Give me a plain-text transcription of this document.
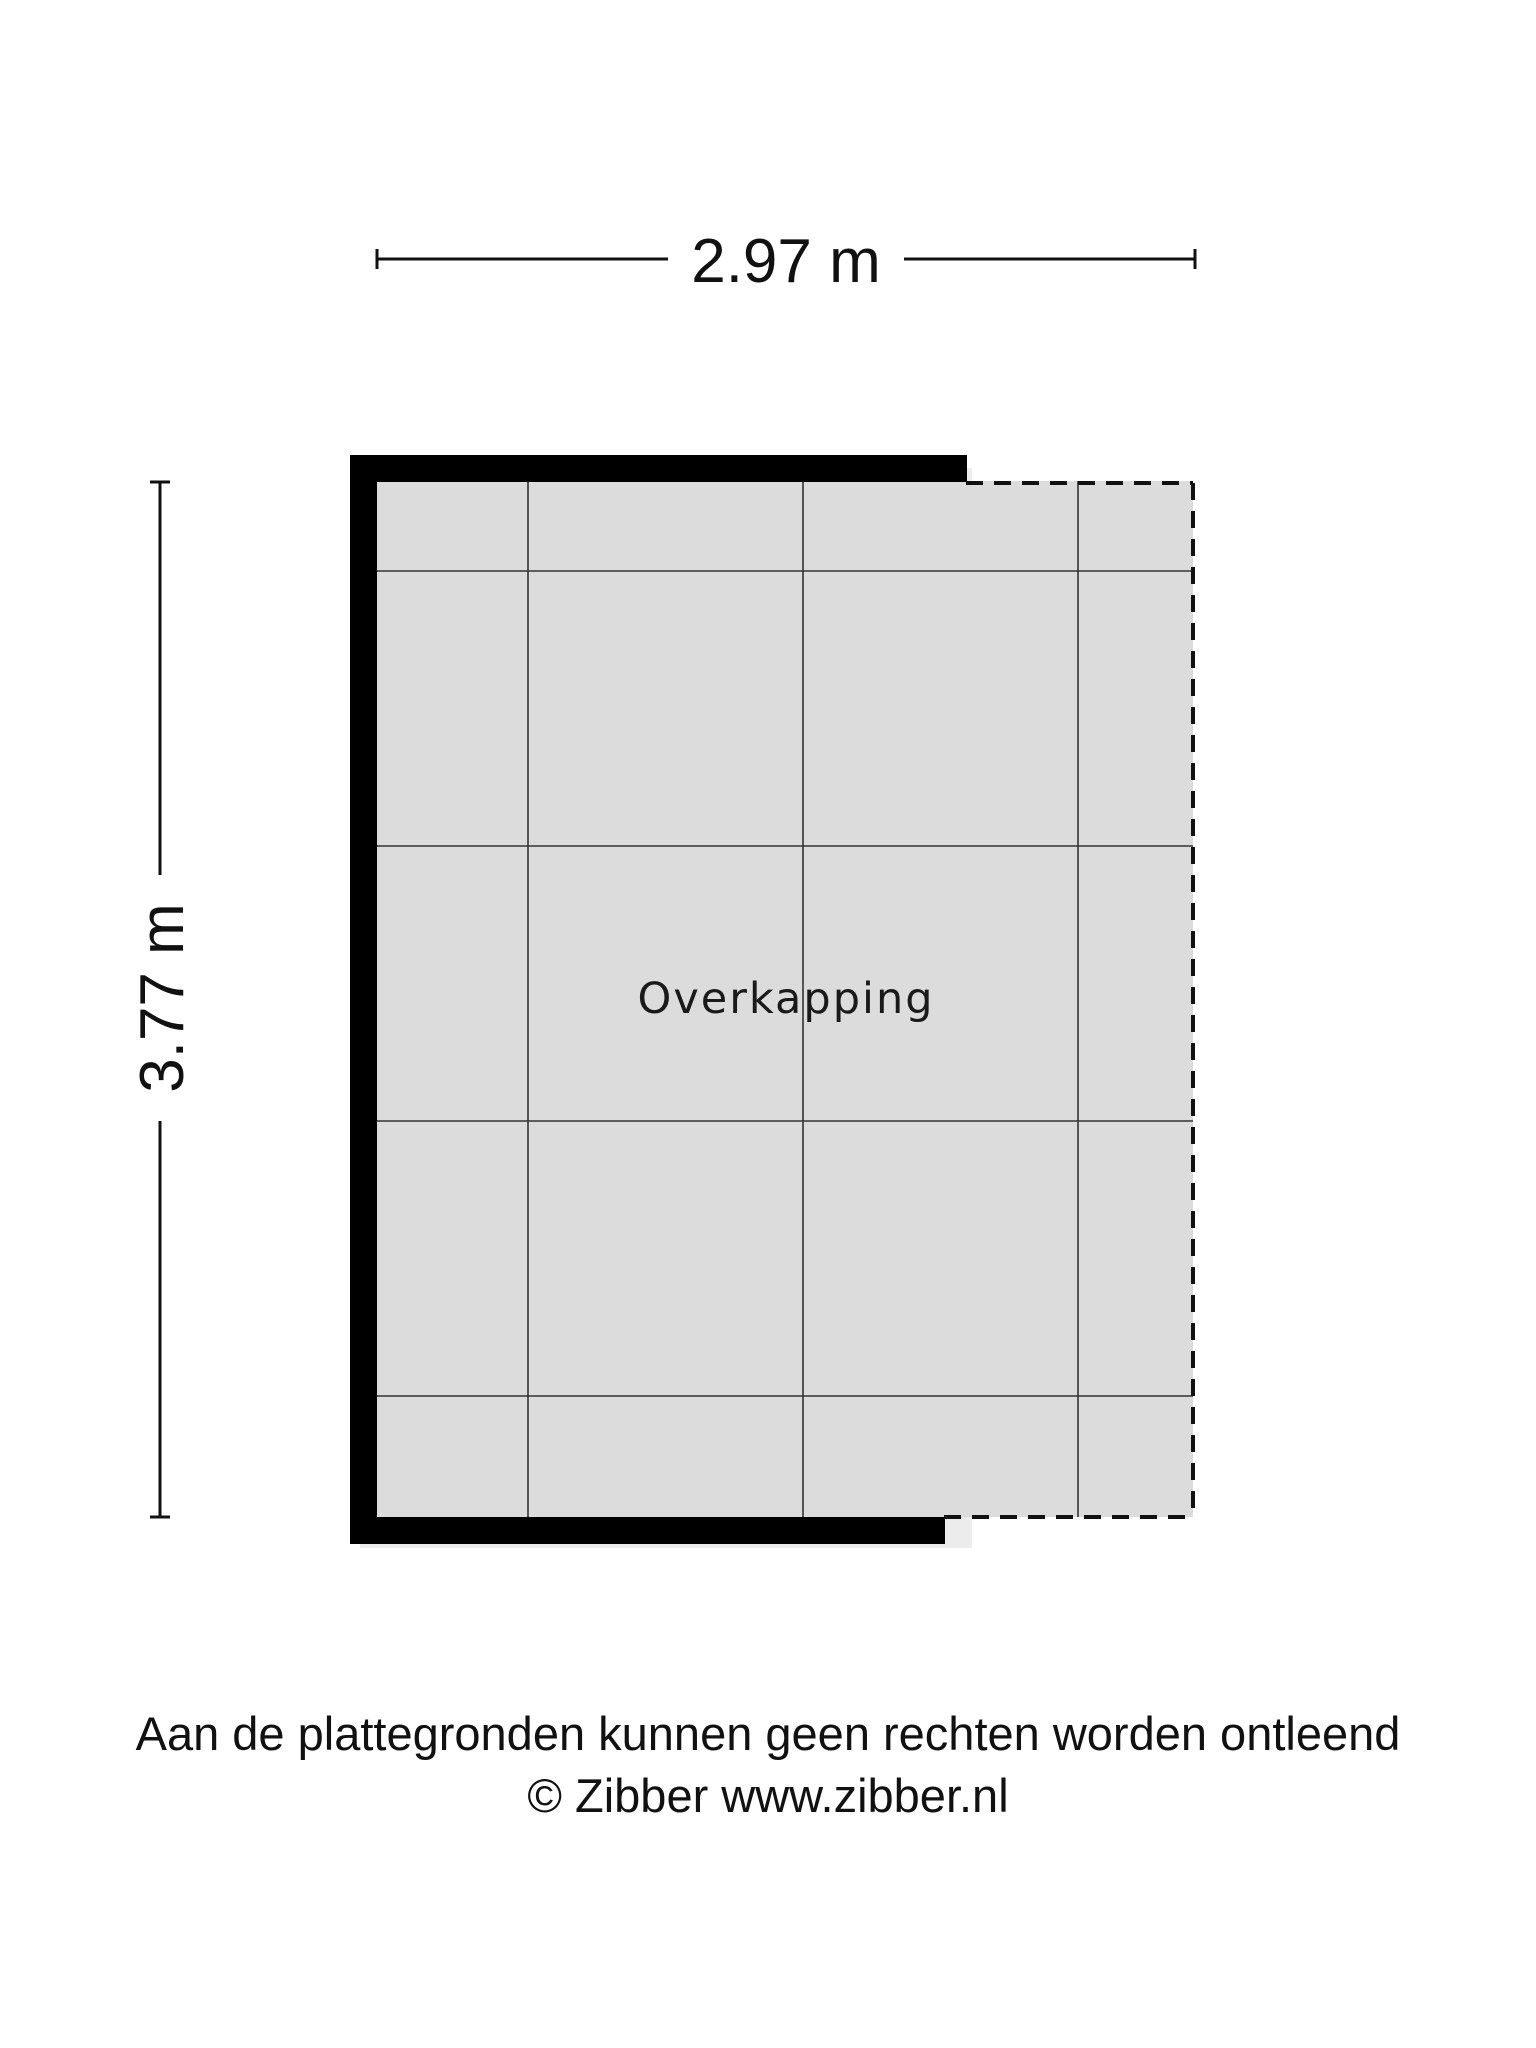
2.97 m
3.77 m	Overkapping
Aan de plattegronden kunnen geen rechten worden ontleend
© Zibber www.zibber.nl
